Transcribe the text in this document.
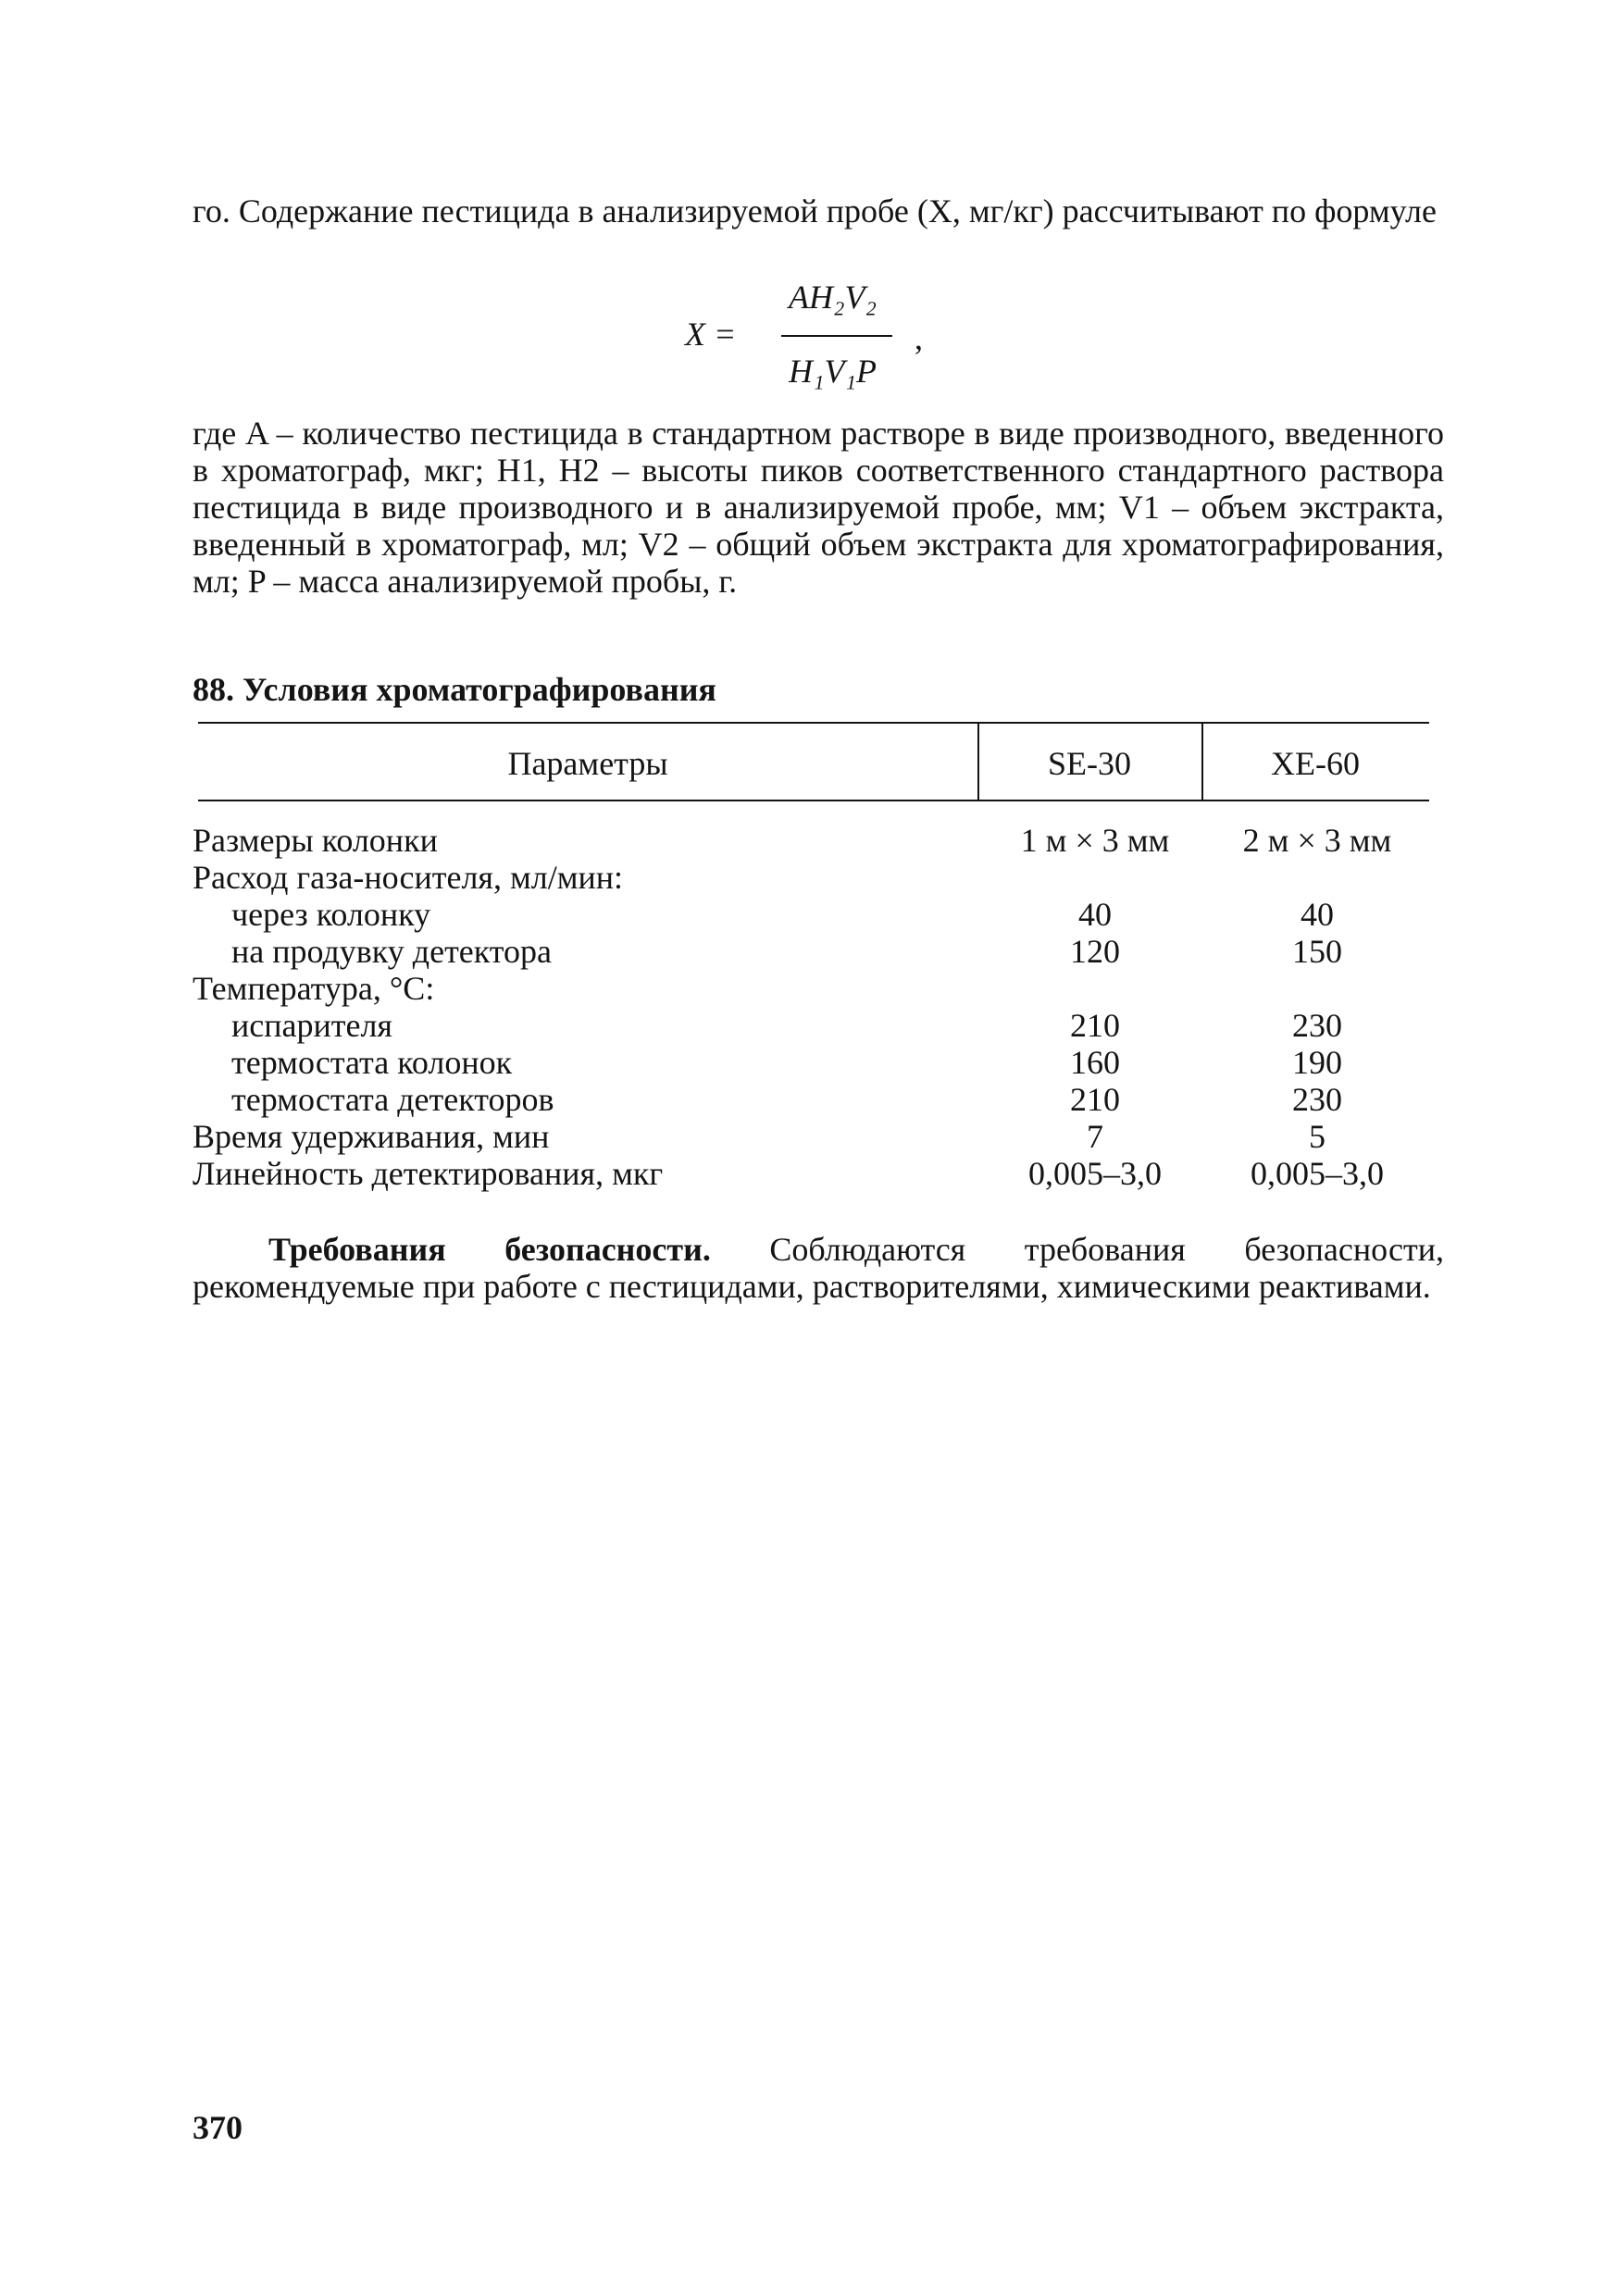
го. Содержание пестицида в анализируемой пробе (X, мг/кг) рассчитывают по формуле
X =
AH₂V₂
H₁V₁P
,
где A – количество пестицида в стандартном растворе в виде производного, введенного в хроматограф, мкг; H1, H2 – высоты пиков соответственного стандартного раствора пестицида в виде производного и в анализируемой пробе, мм; V1 – объем экстракта, введенный в хроматограф, мл; V2 – общий объем экстракта для хроматографирования, мл; P – масса анализируемой пробы, г.
88. Условия хроматографирования
Параметры	SE-30	XE-60
Размеры колонки	1 м × 3 мм	2 м × 3 мм
Расход газа-носителя, мл/мин:
через колонку	40	40
на продувку детектора	120	150
Температура, °С:
испарителя	210	230
термостата колонок	160	190
термостата детекторов	210	230
Время удерживания, мин	7	5
Линейность детектирования, мкг	0,005–3,0	0,005–3,0
Требования безопасности. Соблюдаются требования безопасности, рекомендуемые при работе с пестицидами, растворителями, химическими реактивами.
370
